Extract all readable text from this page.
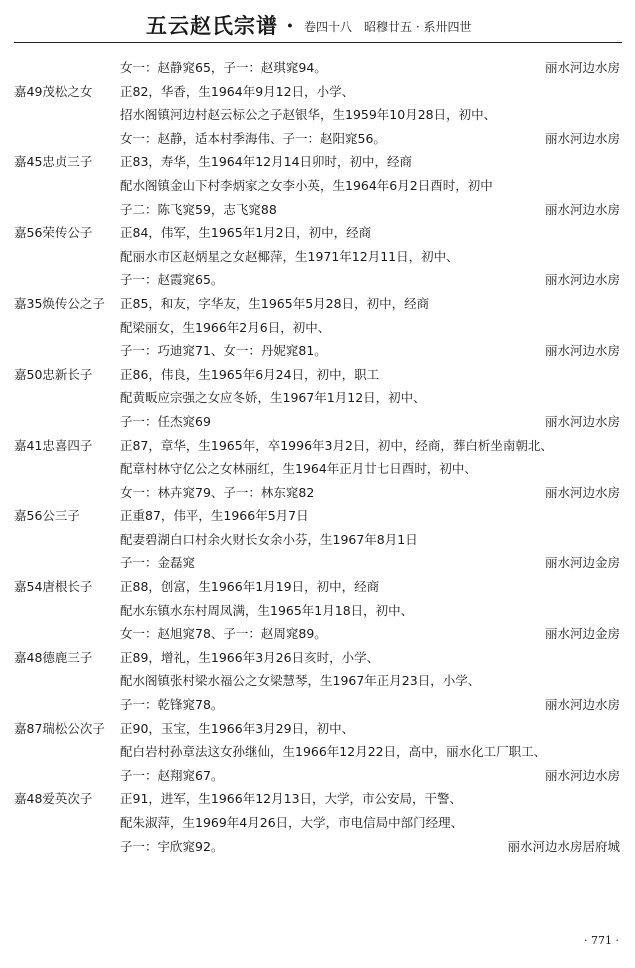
五云赵氏宗谱 · 卷四十八　昭穆廿五 · 系卅四世
女一：赵静窕65，子一：赵琪窕94。	丽水河边水房
嘉49茂松之女	正82，华香，生1964年9月12日，小学、
招水阁镇河边村赵云标公之子赵银华，生1959年10月28日，初中、
女一：赵静，适本村季海伟、子一：赵阳窕56。	丽水河边水房
嘉45忠贞三子	正83，寿华，生1964年12月14日卯时，初中，经商
配水阁镇金山下村李炳家之女李小英，生1964年6月2日酉时，初中
子二：陈飞窕59，志飞窕88	丽水河边水房
嘉56荣传公子	正84，伟军，生1965年1月2日，初中，经商
配丽水市区赵炳星之女赵椰萍，生1971年12月11日，初中、
子一：赵霞窕65。	丽水河边水房
嘉35焕传公之子	正85，和友，字华友，生1965年5月28日，初中，经商
配梁丽女，生1966年2月6日，初中、
子一：巧迪窕71、女一：丹妮窕81。	丽水河边水房
嘉50忠新长子	正86，伟良，生1965年6月24日，初中，职工
配黄畈应宗强之女应冬娇，生1967年1月12日，初中、
子一：任杰窕69	丽水河边水房
嘉41忠喜四子	正87，章华，生1965年，卒1996年3月2日，初中，经商，葬白析坐南朝北、
配章村林守亿公之女林丽红，生1964年正月廿七日酉时，初中、
女一：林卉窕79、子一：林东窕82	丽水河边水房
嘉56公三子	正重87，伟平，生1966年5月7日
配妻碧湖白口村余火财长女余小芬，生1967年8月1日
子一：金磊窕	丽水河边金房
嘉54唐根长子	正88，创富，生1966年1月19日，初中，经商
配水东镇水东村周凤满，生1965年1月18日，初中、
女一：赵旭窕78、子一：赵周窕89。	丽水河边金房
嘉48德鹿三子	正89，增礼，生1966年3月26日亥时，小学、
配水阁镇张村梁水福公之女梁慧琴，生1967年正月23日，小学、
子一：乾锋窕78。	丽水河边水房
嘉87瑞松公次子	正90，玉宝，生1966年3月29日，初中、
配白岩村孙章法这女孙继仙，生1966年12月22日，高中，丽水化工厂职工、
子一：赵翔窕67。	丽水河边水房
嘉48爱英次子	正91，进军，生1966年12月13日，大学，市公安局，干警、
配朱淑萍，生1969年4月26日，大学，市电信局中部门经理、
子一：宇欣窕92。	丽水河边水房居府城
· 771 ·
